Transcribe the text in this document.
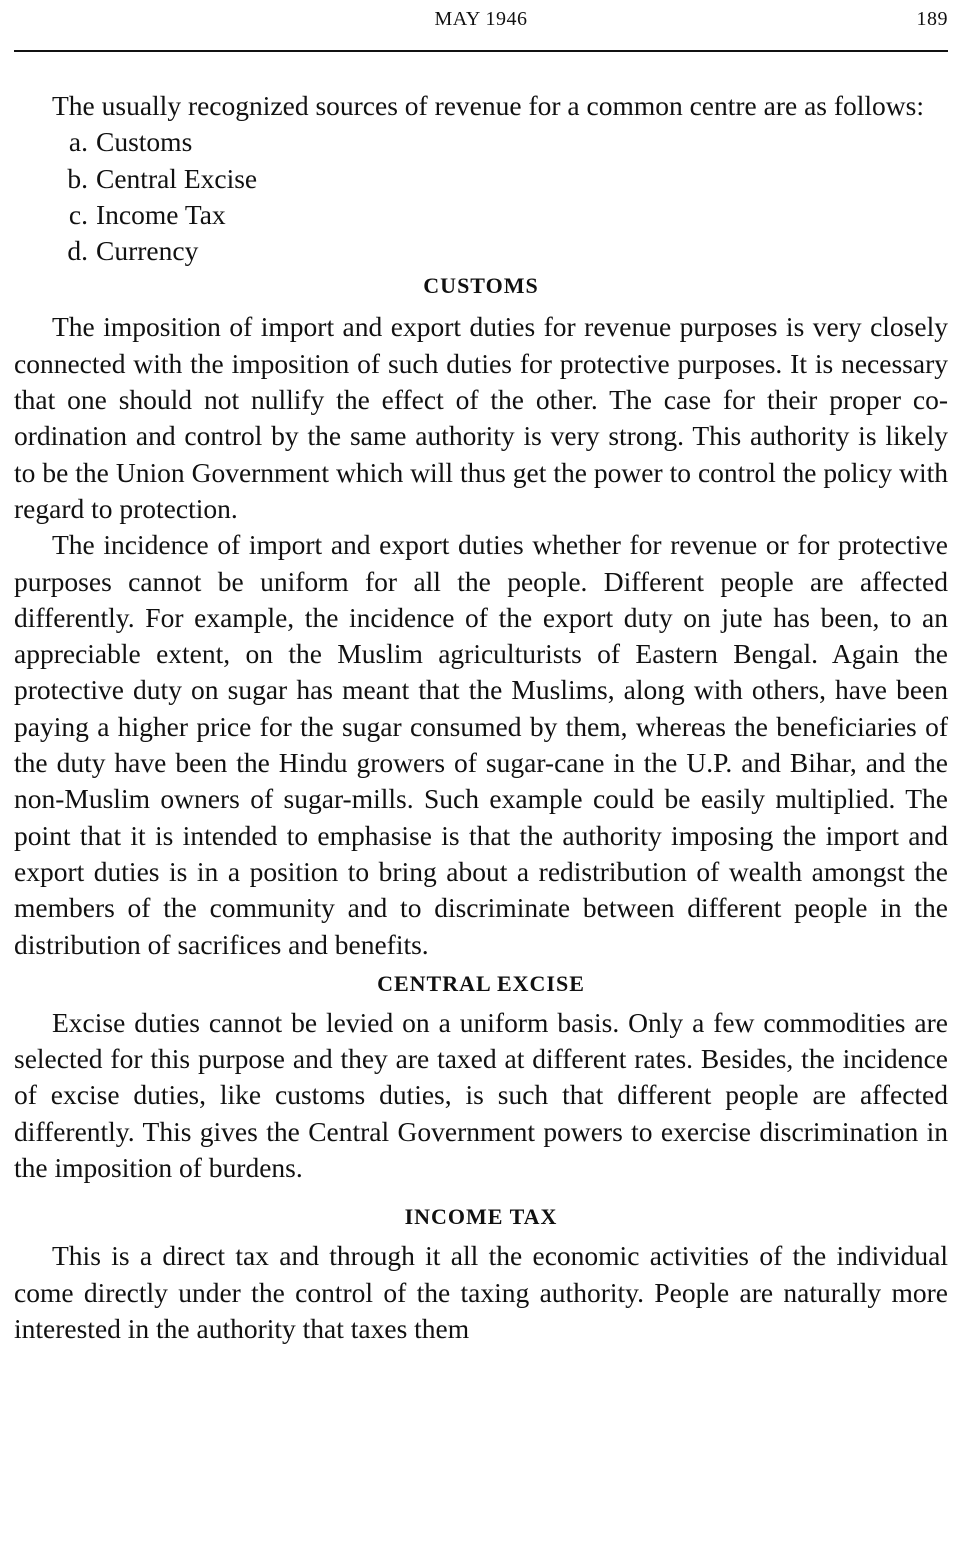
MAY 1946	189

The usually recognized sources of revenue for a common centre are as follows:

a. Customs
b. Central Excise
c. Income Tax
d. Currency
CUSTOMS

The imposition of import and export duties for revenue purposes is very closely connected with the imposition of such duties for protective purposes. It is necessary that one should not nullify the effect of the other. The case for their proper co-ordination and control by the same authority is very strong. This authority is likely to be the Union Government which will thus get the power to control the policy with regard to protection.

The incidence of import and export duties whether for revenue or for protective purposes cannot be uniform for all the people. Different people are affected differently. For example, the incidence of the export duty on jute has been, to an appreciable extent, on the Muslim agriculturists of Eastern Bengal. Again the protective duty on sugar has meant that the Muslims, along with others, have been paying a higher price for the sugar consumed by them, whereas the beneficiaries of the duty have been the Hindu growers of sugar-cane in the U.P. and Bihar, and the non-Muslim owners of sugar-mills. Such example could be easily multiplied. The point that it is intended to emphasise is that the authority imposing the import and export duties is in a position to bring about a redistribution of wealth amongst the members of the community and to discriminate between different people in the distribution of sacrifices and benefits.

CENTRAL EXCISE

Excise duties cannot be levied on a uniform basis. Only a few commodities are selected for this purpose and they are taxed at different rates. Besides, the incidence of excise duties, like customs duties, is such that different people are affected differently. This gives the Central Government powers to exercise discrimination in the imposition of burdens.

INCOME TAX

This is a direct tax and through it all the economic activities of the individual come directly under the control of the taxing authority. People are naturally more interested in the authority that taxes them
